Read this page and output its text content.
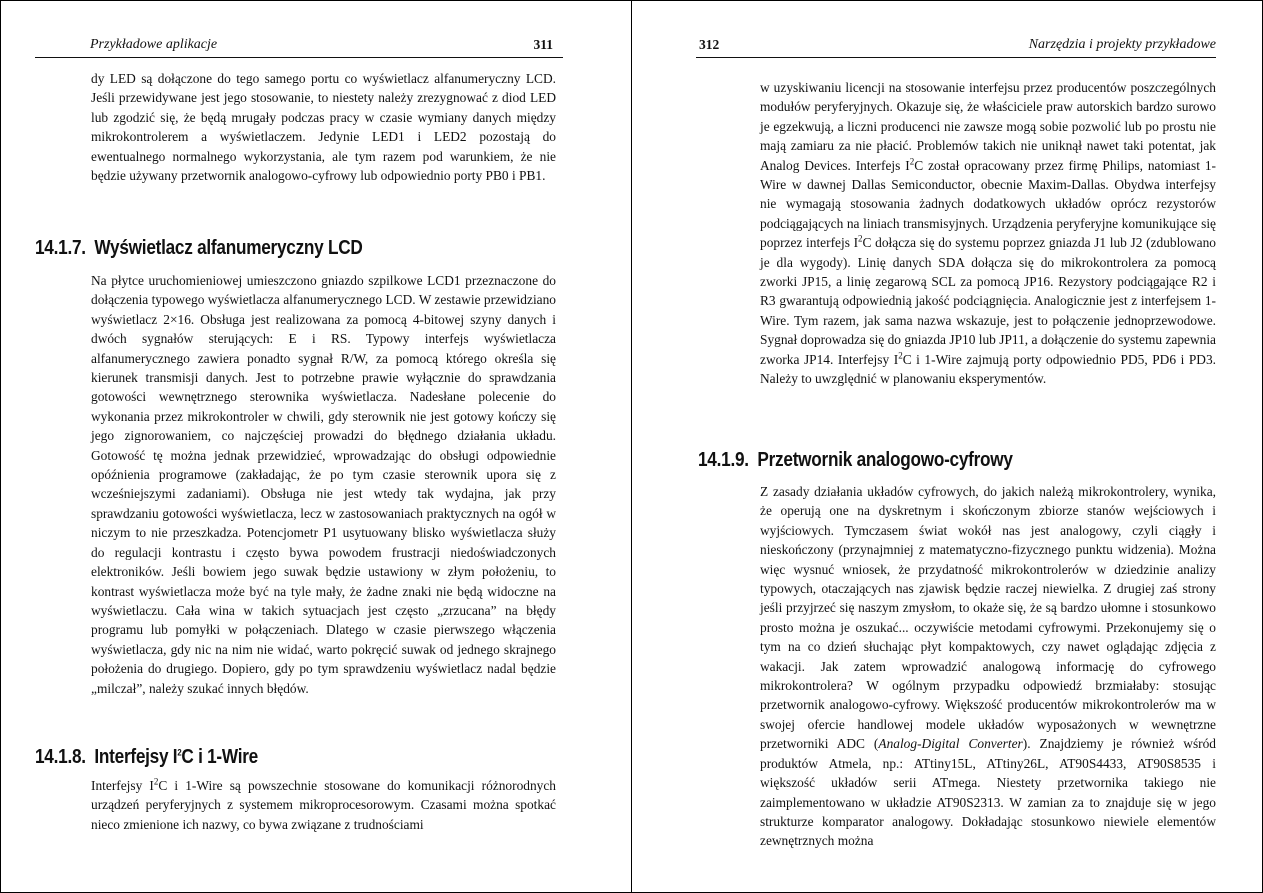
Przykładowe aplikacje	311

dy LED są dołączone do tego samego portu co wyświetlacz alfanumeryczny LCD. Jeśli przewidywane jest jego stosowanie, to niestety należy zrezygnować z diod LED lub zgodzić się, że będą mrugały podczas pracy w czasie wymiany danych między mikrokontrolerem a wyświetlaczem. Jedynie LED1 i LED2 pozostają do ewentualnego normalnego wykorzystania, ale tym razem pod warunkiem, że nie będzie używany przetwornik analogowo-cyfrowy lub odpowiednio porty PB0 i PB1.

14.1.7. Wyświetlacz alfanumeryczny LCD

Na płytce uruchomieniowej umieszczono gniazdo szpilkowe LCD1 przeznaczone do dołączenia typowego wyświetlacza alfanumerycznego LCD. W zestawie przewidziano wyświetlacz 2×16. Obsługa jest realizowana za pomocą 4-bitowej szyny danych i dwóch sygnałów sterujących: E i RS. Typowy interfejs wyświetlacza alfanumerycznego zawiera ponadto sygnał R/W, za pomocą którego określa się kierunek transmisji danych. Jest to potrzebne prawie wyłącznie do sprawdzania gotowości wewnętrznego sterownika wyświetlacza. Nadesłane polecenie do wykonania przez mikrokontroler w chwili, gdy sterownik nie jest gotowy kończy się jego zignorowaniem, co najczęściej prowadzi do błędnego działania układu. Gotowość tę można jednak przewidzieć, wprowadzając do obsługi odpowiednie opóźnienia programowe (zakładając, że po tym czasie sterownik upora się z wcześniejszymi zadaniami). Obsługa nie jest wtedy tak wydajna, jak przy sprawdzaniu gotowości wyświetlacza, lecz w zastosowaniach praktycznych na ogół w niczym to nie przeszkadza. Potencjometr P1 usytuowany blisko wyświetlacza służy do regulacji kontrastu i często bywa powodem frustracji niedoświadczonych elektroników. Jeśli bowiem jego suwak będzie ustawiony w złym położeniu, to kontrast wyświetlacza może być na tyle mały, że żadne znaki nie będą widoczne na wyświetlaczu. Cała wina w takich sytuacjach jest często „zrzucana” na błędy programu lub pomyłki w połączeniach. Dlatego w czasie pierwszego włączenia wyświetlacza, gdy nic na nim nie widać, warto pokręcić suwak od jednego skrajnego położenia do drugiego. Dopiero, gdy po tym sprawdzeniu wyświetlacz nadal będzie „milczał”, należy szukać innych błędów.

14.1.8. Interfejsy $I^2C$ i 1-Wire

Interfejsy $I^2C$ i 1-Wire są powszechnie stosowane do komunikacji różnorodnych urządzeń peryferyjnych z systemem mikroprocesorowym. Czasami można spotkać nieco zmienione ich nazwy, co bywa związane z trudnościami

312	Narzędzia i projekty przykładowe

w uzyskiwaniu licencji na stosowanie interfejsu przez producentów poszczególnych modułów peryferyjnych. Okazuje się, że właściciele praw autorskich bardzo surowo je egzekwują, a liczni producenci nie zawsze mogą sobie pozwolić lub po prostu nie mają zamiaru za nie płacić. Problemów takich nie uniknął nawet taki potentat, jak Analog Devices. Interfejs $I^2C$ został opracowany przez firmę Philips, natomiast 1-Wire w dawnej Dallas Semiconductor, obecnie Maxim-Dallas. Obydwa interfejsy nie wymagają stosowania żadnych dodatkowych układów oprócz rezystorów podciągających na liniach transmisyjnych. Urządzenia peryferyjne komunikujące się poprzez interfejs $I^2C$ dołącza się do systemu poprzez gniazda J1 lub J2 (zdublowano je dla wygody). Linię danych SDA dołącza się do mikrokontrolera za pomocą zworki JP15, a linię zegarową SCL za pomocą JP16. Rezystory podciągające R2 i R3 gwarantują odpowiednią jakość podciągnięcia. Analogicznie jest z interfejsem 1-Wire. Tym razem, jak sama nazwa wskazuje, jest to połączenie jednoprzewodowe. Sygnał doprowadza się do gniazda JP10 lub JP11, a dołączenie do systemu zapewnia zworka JP14. Interfejsy $I^2C$ i 1-Wire zajmują porty odpowiednio PD5, PD6 i PD3. Należy to uwzględnić w planowaniu eksperymentów.

14.1.9. Przetwornik analogowo-cyfrowy

Z zasady działania układów cyfrowych, do jakich należą mikrokontrolery, wynika, że operują one na dyskretnym i skończonym zbiorze stanów wejściowych i wyjściowych. Tymczasem świat wokół nas jest analogowy, czyli ciągły i nieskończony (przynajmniej z matematyczno-fizycznego punktu widzenia). Można więc wysnuć wniosek, że przydatność mikrokontrolerów w dziedzinie analizy typowych, otaczających nas zjawisk będzie raczej niewielka. Z drugiej zaś strony jeśli przyjrzeć się naszym zmysłom, to okaże się, że są bardzo ułomne i stosunkowo prosto można je oszukać... oczywiście metodami cyfrowymi. Przekonujemy się o tym na co dzień słuchając płyt kompaktowych, czy nawet oglądając zdjęcia z wakacji. Jak zatem wprowadzić analogową informację do cyfrowego mikrokontrolera? W ogólnym przypadku odpowiedź brzmiałaby: stosując przetwornik analogowo-cyfrowy. Większość producentów mikrokontrolerów ma w swojej ofercie handlowej modele układów wyposażonych w wewnętrzne przetworniki ADC (Analog-Digital Converter). Znajdziemy je również wśród produktów Atmela, np.: ATtiny15L, ATtiny26L, AT90S4433, AT90S8535 i większość układów serii ATmega. Niestety przetwornika takiego nie zaimplementowano w układzie AT90S2313. W zamian za to znajduje się w jego strukturze komparator analogowy. Dokładając stosunkowo niewiele elementów zewnętrznych można
